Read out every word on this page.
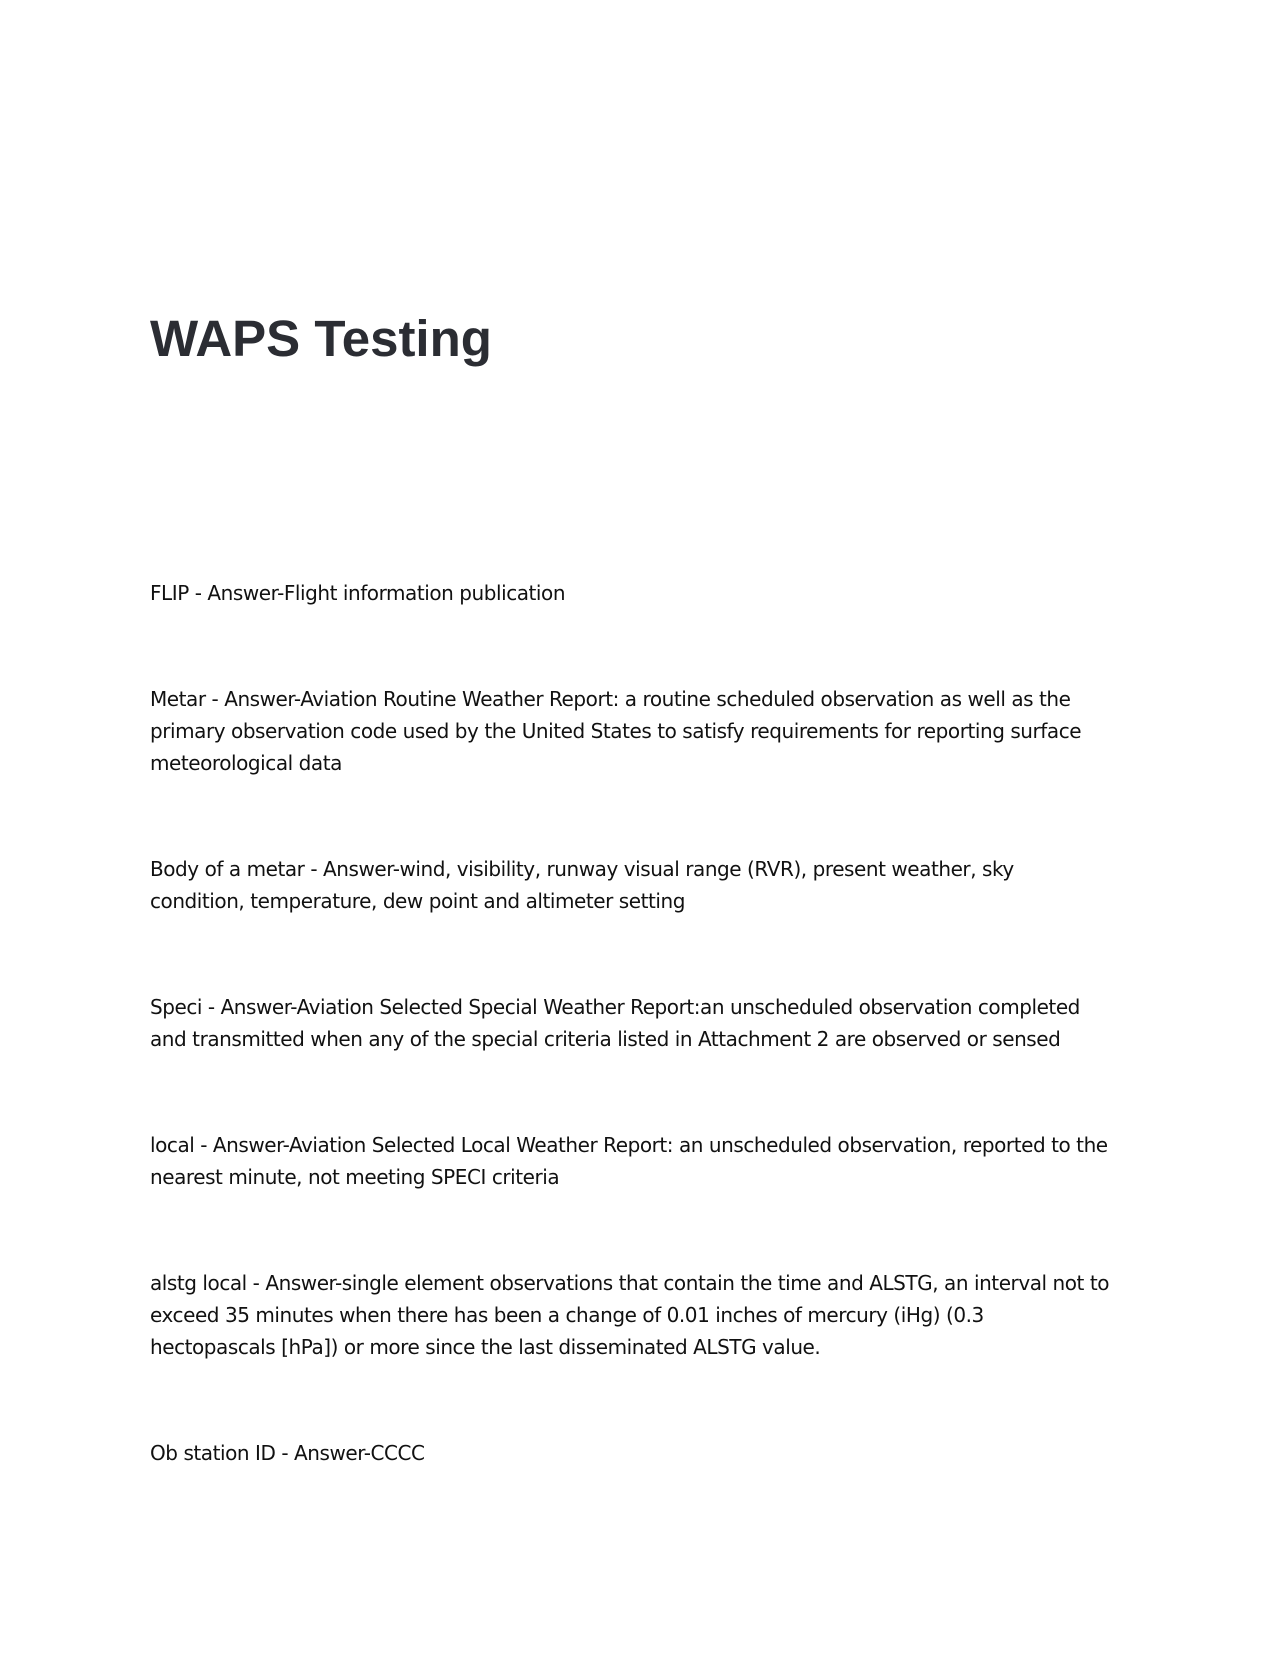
WAPS Testing

FLIP - Answer-Flight information publication

Metar - Answer-Aviation Routine Weather Report: a routine scheduled observation as well as the primary observation code used by the United States to satisfy requirements for reporting surface meteorological data

Body of a metar - Answer-wind, visibility, runway visual range (RVR), present weather, sky condition, temperature, dew point and altimeter setting

Speci - Answer-Aviation Selected Special Weather Report:an unscheduled observation completed and transmitted when any of the special criteria listed in Attachment 2 are observed or sensed

local - Answer-Aviation Selected Local Weather Report: an unscheduled observation, reported to the nearest minute, not meeting SPECI criteria

alstg local - Answer-single element observations that contain the time and ALSTG, an interval not to exceed 35 minutes when there has been a change of 0.01 inches of mercury (iHg) (0.3 hectopascals [hPa]) or more since the last disseminated ALSTG value.

Ob station ID - Answer-CCCC
